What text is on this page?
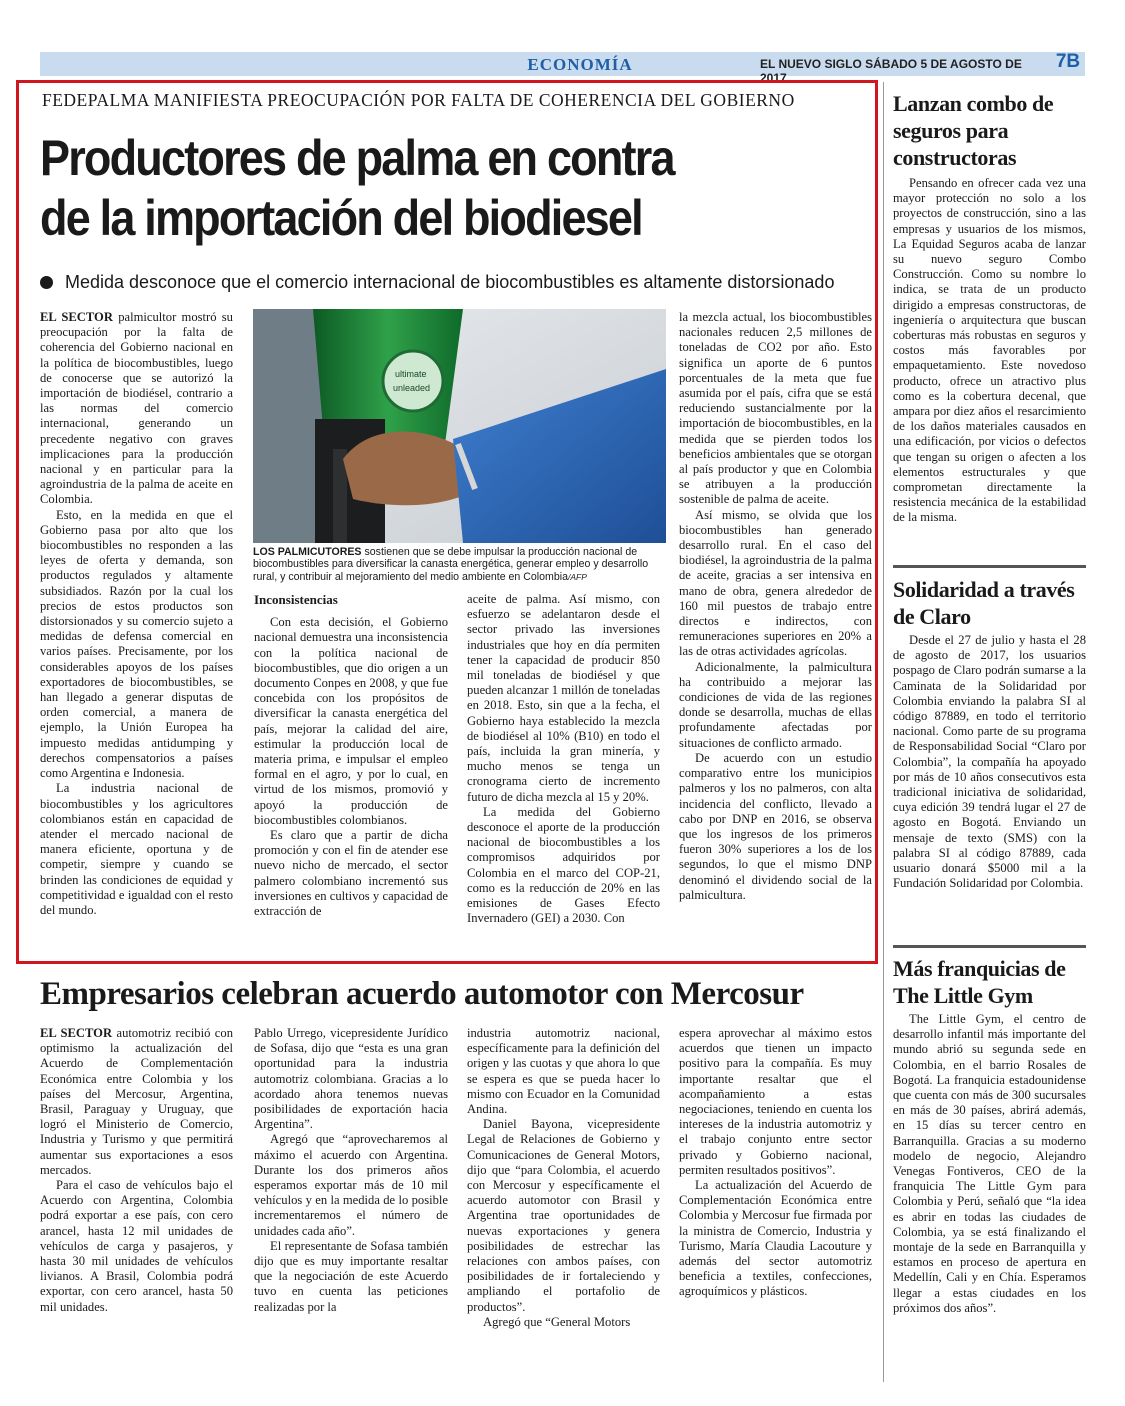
ECONOMÍA	EL NUEVO SIGLO SÁBADO 5 DE AGOSTO DE 2017
7B
FEDEPALMA MANIFIESTA PREOCUPACIÓN POR FALTA DE COHERENCIA DEL GOBIERNO
Productores de palma en contra
de la importación del biodiesel
Medida desconoce que el comercio internacional de biocombustibles es altamente distorsionado

EL SECTOR palmicultor mostró su preocupación por la falta de coherencia del Gobierno nacional en la política de biocombustibles, luego de conocerse que se autorizó la importación de biodiésel, contrario a las normas del comercio internacional, generando un precedente negativo con graves implicaciones para la producción nacional y en particular para la agroindustria de la palma de aceite en Colombia.

Esto, en la medida en que el Gobierno pasa por alto que los biocombustibles no responden a las leyes de oferta y demanda, son productos regulados y altamente subsidiados. Razón por la cual los precios de estos productos son distorsionados y su comercio sujeto a medidas de defensa comercial en varios países. Precisamente, por los considerables apoyos de los países exportadores de biocombustibles, se han llegado a generar disputas de orden comercial, a manera de ejemplo, la Unión Europea ha impuesto medidas antidumping y derechos compensatorios a países como Argentina e Indonesia.

La industria nacional de biocombustibles y los agricultores colombianos están en capacidad de atender el mercado nacional de manera eficiente, oportuna y de competir, siempre y cuando se brinden las condiciones de equidad y competitividad e igualdad con el resto del mundo.

ultimate
unleaded
LOS PALMICUTORES sostienen que se debe impulsar la producción nacional de biocombustibles para diversificar la canasta energética, generar empleo y desarrollo rural, y contribuir al mejoramiento del medio ambiente en Colombia/AFP
Inconsistencias

Con esta decisión, el Gobierno nacional demuestra una inconsistencia con la política nacional de biocombustibles, que dio origen a un documento Conpes en 2008, y que fue concebida con los propósitos de diversificar la canasta energética del país, mejorar la calidad del aire, estimular la producción local de materia prima, e impulsar el empleo formal en el agro, y por lo cual, en virtud de los mismos, promovió y apoyó la producción de biocombustibles colombianos.

Es claro que a partir de dicha promoción y con el fin de atender ese nuevo nicho de mercado, el sector palmero colombiano incrementó sus inversiones en cultivos y capacidad de extracción de

aceite de palma. Así mismo, con esfuerzo se adelantaron desde el sector privado las inversiones industriales que hoy en día permiten tener la capacidad de producir 850 mil toneladas de biodiésel y que pueden alcanzar 1 millón de toneladas en 2018. Esto, sin que a la fecha, el Gobierno haya establecido la mezcla de biodiésel al 10% (B10) en todo el país, incluida la gran minería, y mucho menos se tenga un cronograma cierto de incremento futuro de dicha mezcla al 15 y 20%.

La medida del Gobierno desconoce el aporte de la producción nacional de biocombustibles a los compromisos adquiridos por Colombia en el marco del COP-21, como es la reducción de 20% en las emisiones de Gases Efecto Invernadero (GEI) a 2030. Con

la mezcla actual, los biocombustibles nacionales reducen 2,5 millones de toneladas de CO2 por año. Esto significa un aporte de 6 puntos porcentuales de la meta que fue asumida por el país, cifra que se está reduciendo sustancialmente por la importación de biocombustibles, en la medida que se pierden todos los beneficios ambientales que se otorgan al país productor y que en Colombia se atribuyen a la producción sostenible de palma de aceite.

Así mismo, se olvida que los biocombustibles han generado desarrollo rural. En el caso del biodiésel, la agroindustria de la palma de aceite, gracias a ser intensiva en mano de obra, genera alrededor de 160 mil puestos de trabajo entre directos e indirectos, con remuneraciones superiores en 20% a las de otras actividades agrícolas.

Adicionalmente, la palmicultura ha contribuido a mejorar las condiciones de vida de las regiones donde se desarrolla, muchas de ellas profundamente afectadas por situaciones de conflicto armado.

De acuerdo con un estudio comparativo entre los municipios palmeros y los no palmeros, con alta incidencia del conflicto, llevado a cabo por DNP en 2016, se observa que los ingresos de los primeros fueron 30% superiores a los de los segundos, lo que el mismo DNP denominó el dividendo social de la palmicultura.

Empresarios celebran acuerdo automotor con Mercosur

EL SECTOR automotriz recibió con optimismo la actualización del Acuerdo de Complementación Económica entre Colombia y los países del Mercosur, Argentina, Brasil, Paraguay y Uruguay, que logró el Ministerio de Comercio, Industria y Turismo y que permitirá aumentar sus exportaciones a esos mercados.

Para el caso de vehículos bajo el Acuerdo con Argentina, Colombia podrá exportar a ese país, con cero arancel, hasta 12 mil unidades de vehículos de carga y pasajeros, y hasta 30 mil unidades de vehículos livianos. A Brasil, Colombia podrá exportar, con cero arancel, hasta 50 mil unidades.

Pablo Urrego, vicepresidente Jurídico de Sofasa, dijo que “esta es una gran oportunidad para la industria automotriz colombiana. Gracias a lo acordado ahora tenemos nuevas posibilidades de exportación hacia Argentina”.

Agregó que “aprovecharemos al máximo el acuerdo con Argentina. Durante los dos primeros años esperamos exportar más de 10 mil vehículos y en la medida de lo posible incrementaremos el número de unidades cada año”.

El representante de Sofasa también dijo que es muy importante resaltar que la negociación de este Acuerdo tuvo en cuenta las peticiones realizadas por la

industria automotriz nacional, específicamente para la definición del origen y las cuotas y que ahora lo que se espera es que se pueda hacer lo mismo con Ecuador en la Comunidad Andina.

Daniel Bayona, vicepresidente Legal de Relaciones de Gobierno y Comunicaciones de General Motors, dijo que “para Colombia, el acuerdo con Mercosur y específicamente el acuerdo automotor con Brasil y Argentina trae oportunidades de nuevas exportaciones y genera posibilidades de estrechar las relaciones con ambos países, con posibilidades de ir fortaleciendo y ampliando el portafolio de productos”.

Agregó que “General Motors

espera aprovechar al máximo estos acuerdos que tienen un impacto positivo para la compañía. Es muy importante resaltar que el acompañamiento a estas negociaciones, teniendo en cuenta los intereses de la industria automotriz y el trabajo conjunto entre sector privado y Gobierno nacional, permiten resultados positivos”.

La actualización del Acuerdo de Complementación Económica entre Colombia y Mercosur fue firmada por la ministra de Comercio, Industria y Turismo, María Claudia Lacouture y además del sector automotriz beneficia a textiles, confecciones, agroquímicos y plásticos.

Lanzan combo de seguros para constructoras

Pensando en ofrecer cada vez una mayor protección no solo a los proyectos de construcción, sino a las empresas y usuarios de los mismos, La Equidad Seguros acaba de lanzar su nuevo seguro Combo Construcción. Como su nombre lo indica, se trata de un producto dirigido a empresas constructoras, de ingeniería o arquitectura que buscan coberturas más robustas en seguros y costos más favorables por empaquetamiento. Este novedoso producto, ofrece un atractivo plus como es la cobertura decenal, que ampara por diez años el resarcimiento de los daños materiales causados en una edificación, por vicios o defectos que tengan su origen o afecten a los elementos estructurales y que comprometan directamente la resistencia mecánica de la estabilidad de la misma.

Solidaridad a través de Claro

Desde el 27 de julio y hasta el 28 de agosto de 2017, los usuarios pospago de Claro podrán sumarse a la Caminata de la Solidaridad por Colombia enviando la palabra SI al código 87889, en todo el territorio nacional. Como parte de su programa de Responsabilidad Social “Claro por Colombia”, la compañía ha apoyado por más de 10 años consecutivos esta tradicional iniciativa de solidaridad, cuya edición 39 tendrá lugar el 27 de agosto en Bogotá. Enviando un mensaje de texto (SMS) con la palabra SI al código 87889, cada usuario donará $5000 mil a la Fundación Solidaridad por Colombia.

Más franquicias de The Little Gym

The Little Gym, el centro de desarrollo infantil más importante del mundo abrió su segunda sede en Colombia, en el barrio Rosales de Bogotá. La franquicia estadounidense que cuenta con más de 300 sucursales en más de 30 países, abrirá además, en 15 días su tercer centro en Barranquilla. Gracias a su moderno modelo de negocio, Alejandro Venegas Fontiveros, CEO de la franquicia The Little Gym para Colombia y Perú, señaló que “la idea es abrir en todas las ciudades de Colombia, ya se está finalizando el montaje de la sede en Barranquilla y estamos en proceso de apertura en Medellín, Cali y en Chía. Esperamos llegar a estas ciudades en los próximos dos años”.
